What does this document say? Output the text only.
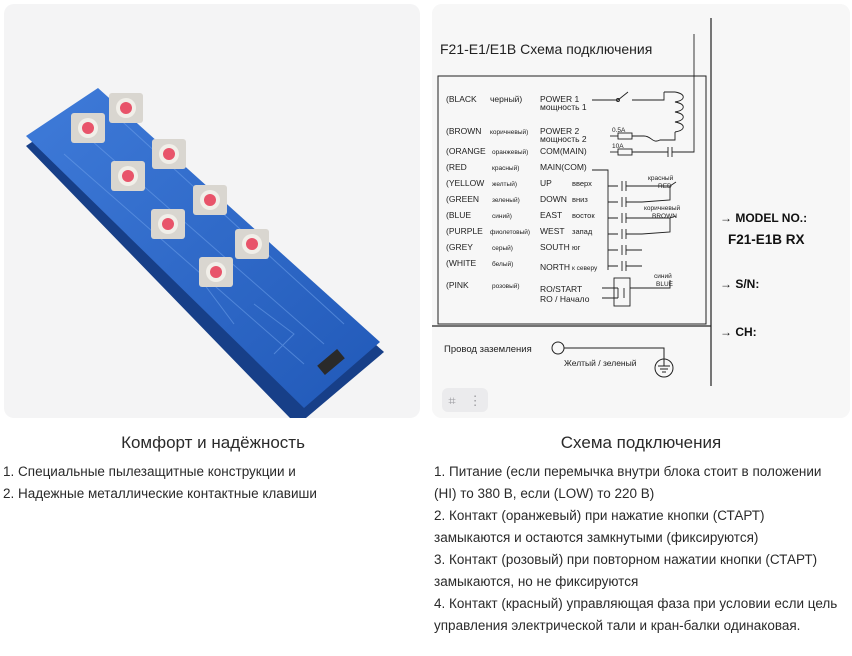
F21-E1/E1B Схема подключения
(BLACK черный) POWER 1
мощность 1
(BROWN коричневый) POWER 2
мощность 2
(ORANGE оранжевый) COM(MAIN)
(RED	красный) MAIN(COM)
(YELLOW желтый)	UP	вверх
(GREEN зеленый) DOWN вниз
(BLUE	синий)	EAST восток
(PURPLE фиолетовый) WEST запад
(GREY	серый)	SOUTH юг
(WHITE белый)	NORTH к северу
(PINK	розовый) RO/START
RO / Начало
0.5A
10A
красный
RED
коричневый
BROWN
синий
BLUE
→ MODEL NO.:
F21-E1B RX
→ S/N:
→ CH:
Провод заземления
Желтый / зеленый
⌗ ⋮
Комфорт и надёжность
1. Специальные пылезащитные конструкции и
2. Надежные металлические контактные клавиши
Схема подключения
1. Питание (если перемычка внутри блока стоит в положении (HI) то 380 В, если (LOW) то 220 В)
2. Контакт (оранжевый) при нажатие кнопки (СТАРТ) замыкаются и остаются замкнутыми (фиксируются)
3. Контакт (розовый) при повторном нажатии кнопки (СТАРТ) замыкаются, но не фиксируются
4. Контакт (красный) управляющая фаза при условии если цель управления электрической тали и кран-балки одинаковая.
